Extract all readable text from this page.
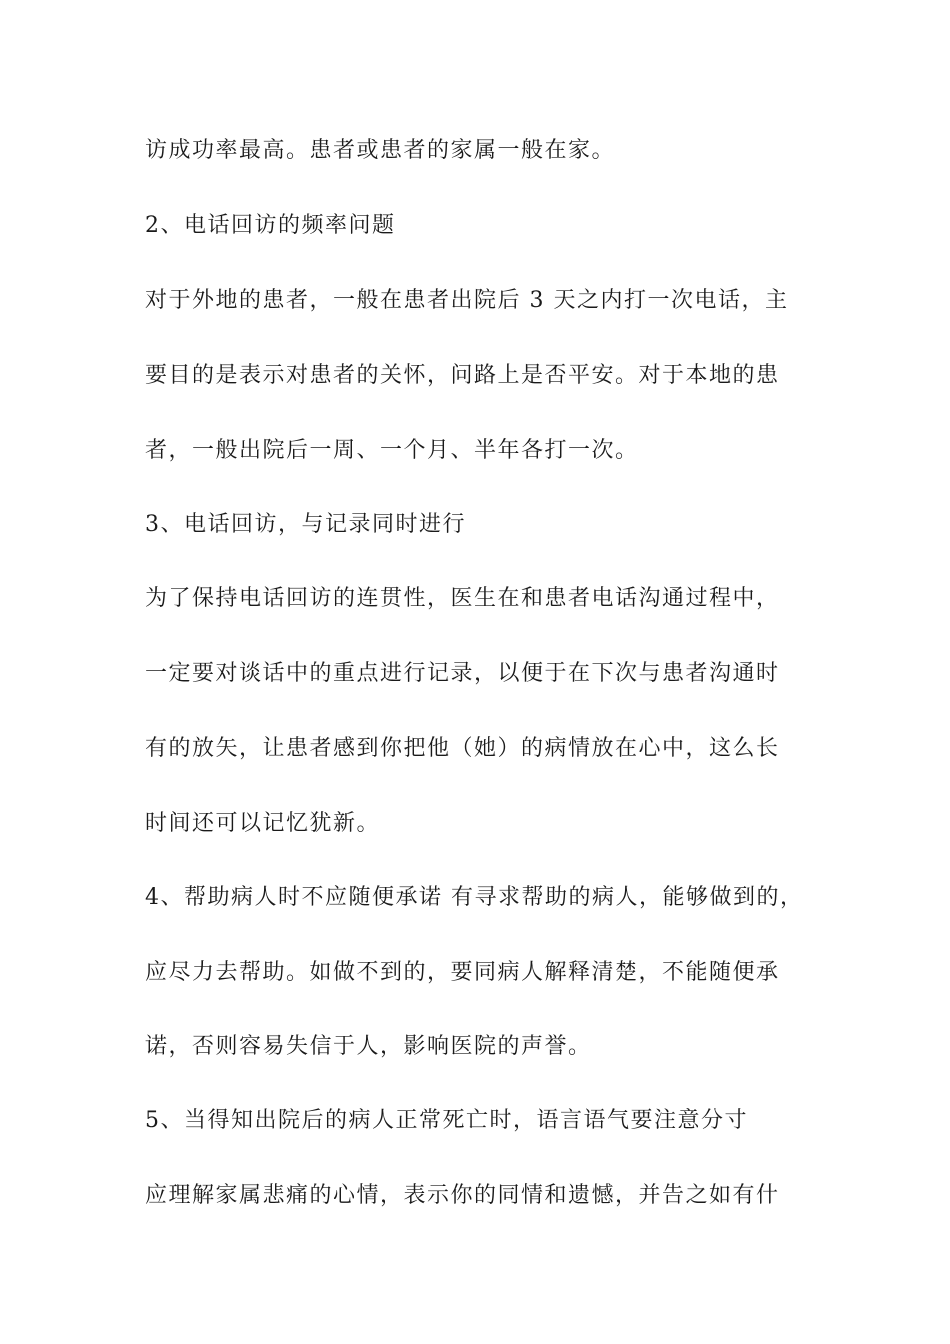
访成功率最高。患者或患者的家属一般在家。

2、电话回访的频率问题

对于外地的患者，一般在患者出院后 3 天之内打一次电话，主

要目的是表示对患者的关怀，问路上是否平安。对于本地的患

者，一般出院后一周、一个月、半年各打一次。

3、电话回访，与记录同时进行

为了保持电话回访的连贯性，医生在和患者电话沟通过程中，

一定要对谈话中的重点进行记录，以便于在下次与患者沟通时

有的放矢，让患者感到你把他（她）的病情放在心中，这么长

时间还可以记忆犹新。

4、帮助病人时不应随便承诺 有寻求帮助的病人，能够做到的，

应尽力去帮助。如做不到的，要同病人解释清楚，不能随便承

诺，否则容易失信于人，影响医院的声誉。

5、当得知出院后的病人正常死亡时，语言语气要注意分寸

应理解家属悲痛的心情，表示你的同情和遗憾，并告之如有什
